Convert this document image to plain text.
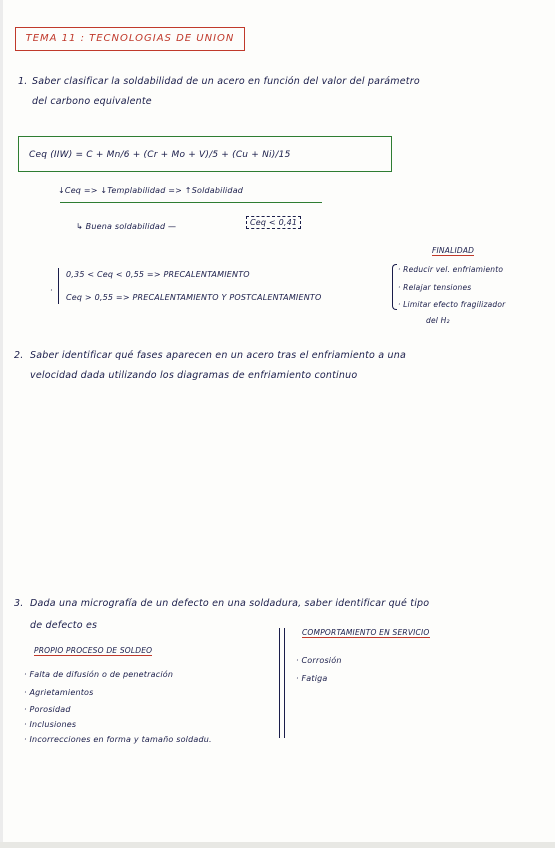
TEMA 11 : TECNOLOGIAS DE UNION
1. Saber clasificar la soldabilidad de un acero en función del valor del parámetro
del carbono equivalente
Ceq (IIW) = C + Mn/6 + (Cr + Mo + V)/5 + (Cu + Ni)/15
↓Ceq => ↓Templabilidad => ↑Soldabilidad
↳ Buena soldabilidad —	Ceq < 0,41
FINALIDAD
·
0,35 < Ceq < 0,55 => PRECALENTAMIENTO
Ceq > 0,55 => PRECALENTAMIENTO Y POSTCALENTAMIENTO
· Reducir vel. enfriamiento
· Relajar tensiones
· Limitar efecto fragilizador
del H₂
2. Saber identificar qué fases aparecen en un acero tras el enfriamiento a una
velocidad dada utilizando los diagramas de enfriamiento continuo
3. Dada una micrografía de un defecto en una soldadura, saber identificar qué tipo
de defecto es
PROPIO PROCESO DE SOLDEO
· Falta de difusión o de penetración
· Agrietamientos
· Porosidad
· Inclusiones
· Incorrecciones en forma y tamaño soldadu.
COMPORTAMIENTO EN SERVICIO
· Corrosión
· Fatiga
